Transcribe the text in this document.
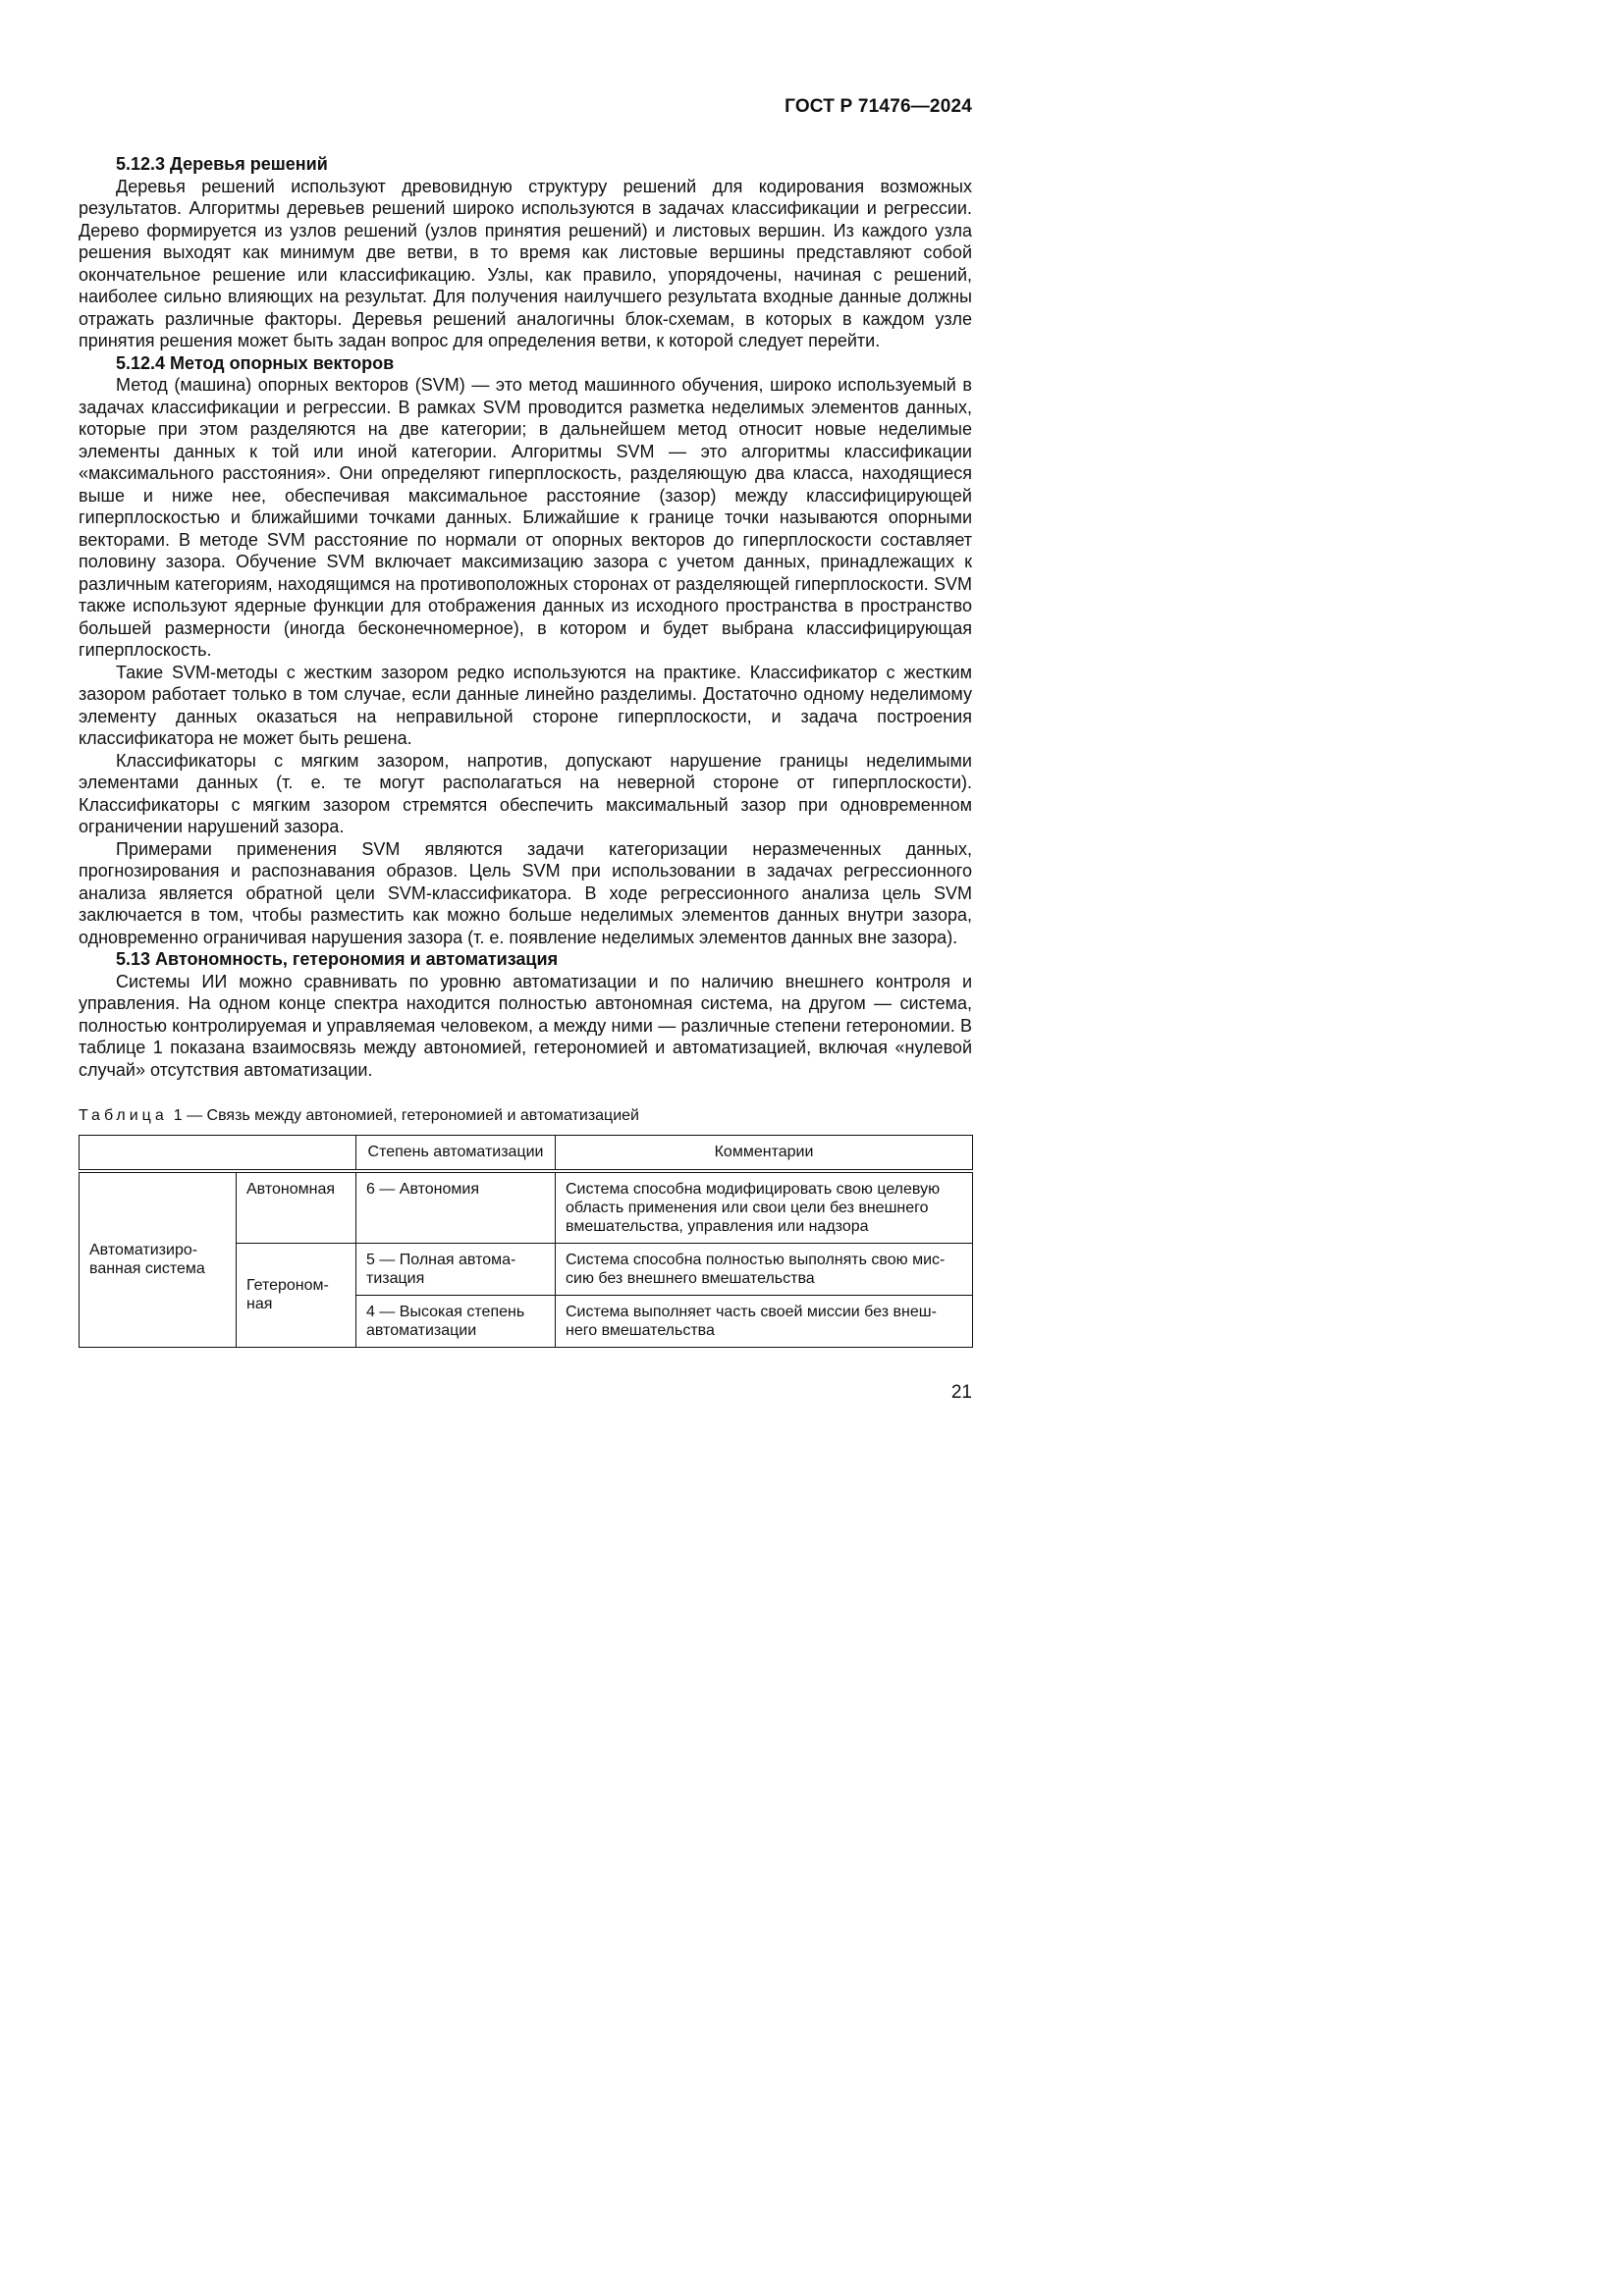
ГОСТ Р 71476—2024

5.12.3 Деревья решений

Деревья решений используют древовидную структуру решений для кодирования возможных результатов. Алгоритмы деревьев решений широко используются в задачах классификации и регрессии. Дерево формируется из узлов решений (узлов принятия решений) и листовых вершин. Из каждого узла решения выходят как минимум две ветви, в то время как листовые вершины представляют собой окончательное решение или классификацию. Узлы, как правило, упорядочены, начиная с решений, наиболее сильно влияющих на результат. Для получения наилучшего результата входные данные должны отражать различные факторы. Деревья решений аналогичны блок-схемам, в которых в каждом узле принятия решения может быть задан вопрос для определения ветви, к которой следует перейти.

5.12.4 Метод опорных векторов

Метод (машина) опорных векторов (SVM) — это метод машинного обучения, широко используемый в задачах классификации и регрессии. В рамках SVM проводится разметка неделимых элементов данных, которые при этом разделяются на две категории; в дальнейшем метод относит новые неделимые элементы данных к той или иной категории. Алгоритмы SVM — это алгоритмы классификации «максимального расстояния». Они определяют гиперплоскость, разделяющую два класса, находящиеся выше и ниже нее, обеспечивая максимальное расстояние (зазор) между классифицирующей гиперплоскостью и ближайшими точками данных. Ближайшие к границе точки называются опорными векторами. В методе SVM расстояние по нормали от опорных векторов до гиперплоскости составляет половину зазора. Обучение SVM включает максимизацию зазора с учетом данных, принадлежащих к различным категориям, находящимся на противоположных сторонах от разделяющей гиперплоскости. SVM также используют ядерные функции для отображения данных из исходного пространства в пространство большей размерности (иногда бесконечномерное), в котором и будет выбрана классифицирующая гиперплоскость.

Такие SVM-методы с жестким зазором редко используются на практике. Классификатор с жестким зазором работает только в том случае, если данные линейно разделимы. Достаточно одному неделимому элементу данных оказаться на неправильной стороне гиперплоскости, и задача построения классификатора не может быть решена.

Классификаторы с мягким зазором, напротив, допускают нарушение границы неделимыми элементами данных (т. е. те могут располагаться на неверной стороне от гиперплоскости). Классификаторы с мягким зазором стремятся обеспечить максимальный зазор при одновременном ограничении нарушений зазора.

Примерами применения SVM являются задачи категоризации неразмеченных данных, прогнозирования и распознавания образов. Цель SVM при использовании в задачах регрессионного анализа является обратной цели SVM-классификатора. В ходе регрессионного анализа цель SVM заключается в том, чтобы разместить как можно больше неделимых элементов данных внутри зазора, одновременно ограничивая нарушения зазора (т. е. появление неделимых элементов данных вне зазора).

5.13 Автономность, гетерономия и автоматизация

Системы ИИ можно сравнивать по уровню автоматизации и по наличию внешнего контроля и управления. На одном конце спектра находится полностью автономная система, на другом — система, полностью контролируемая и управляемая человеком, а между ними — различные степени гетерономии. В таблице 1 показана взаимосвязь между автономией, гетерономией и автоматизацией, включая «нулевой случай» отсутствия автоматизации.

Таблица 1 — Связь между автономией, гетерономией и автоматизацией
		Степень автоматизации	Комментарии
Автоматизированная система	Автономная	6 — Автономия	Система способна модифицировать свою целевую область применения или свои цели без внешнего вмешательства, управления или надзора
	Гетерономная	5 — Полная автоматизация	Система способна полностью выполнять свою миссию без внешнего вмешательства
		4 — Высокая степень автоматизации	Система выполняет часть своей миссии без внешнего вмешательства
21
